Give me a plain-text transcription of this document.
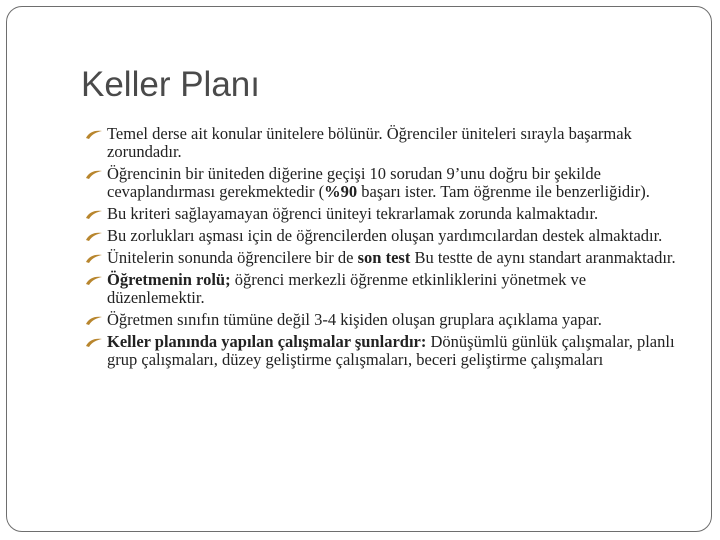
Keller Planı
Temel derse ait konular ünitelere bölünür. Öğrenciler üniteleri sırayla başarmak zorundadır.
Öğrencinin bir üniteden diğerine geçişi 10 sorudan 9’unu doğru bir şekilde cevaplandırması gerekmektedir (%90 başarı ister. Tam öğrenme ile benzerliğidir).
Bu kriteri sağlayamayan öğrenci üniteyi tekrarlamak zorunda kalmaktadır.
Bu zorlukları aşması için de öğrencilerden oluşan yardımcılardan destek almaktadır.
Ünitelerin sonunda öğrencilere bir de son test Bu testte de aynı standart aranmaktadır.
Öğretmenin rolü; öğrenci merkezli öğrenme etkinliklerini yönetmek ve düzenlemektir.
Öğretmen sınıfın tümüne değil 3-4 kişiden oluşan gruplara açıklama yapar.
Keller planında yapılan çalışmalar şunlardır: Dönüşümlü günlük çalışmalar, planlı grup çalışmaları, düzey geliştirme çalışmaları, beceri geliştirme çalışmaları
